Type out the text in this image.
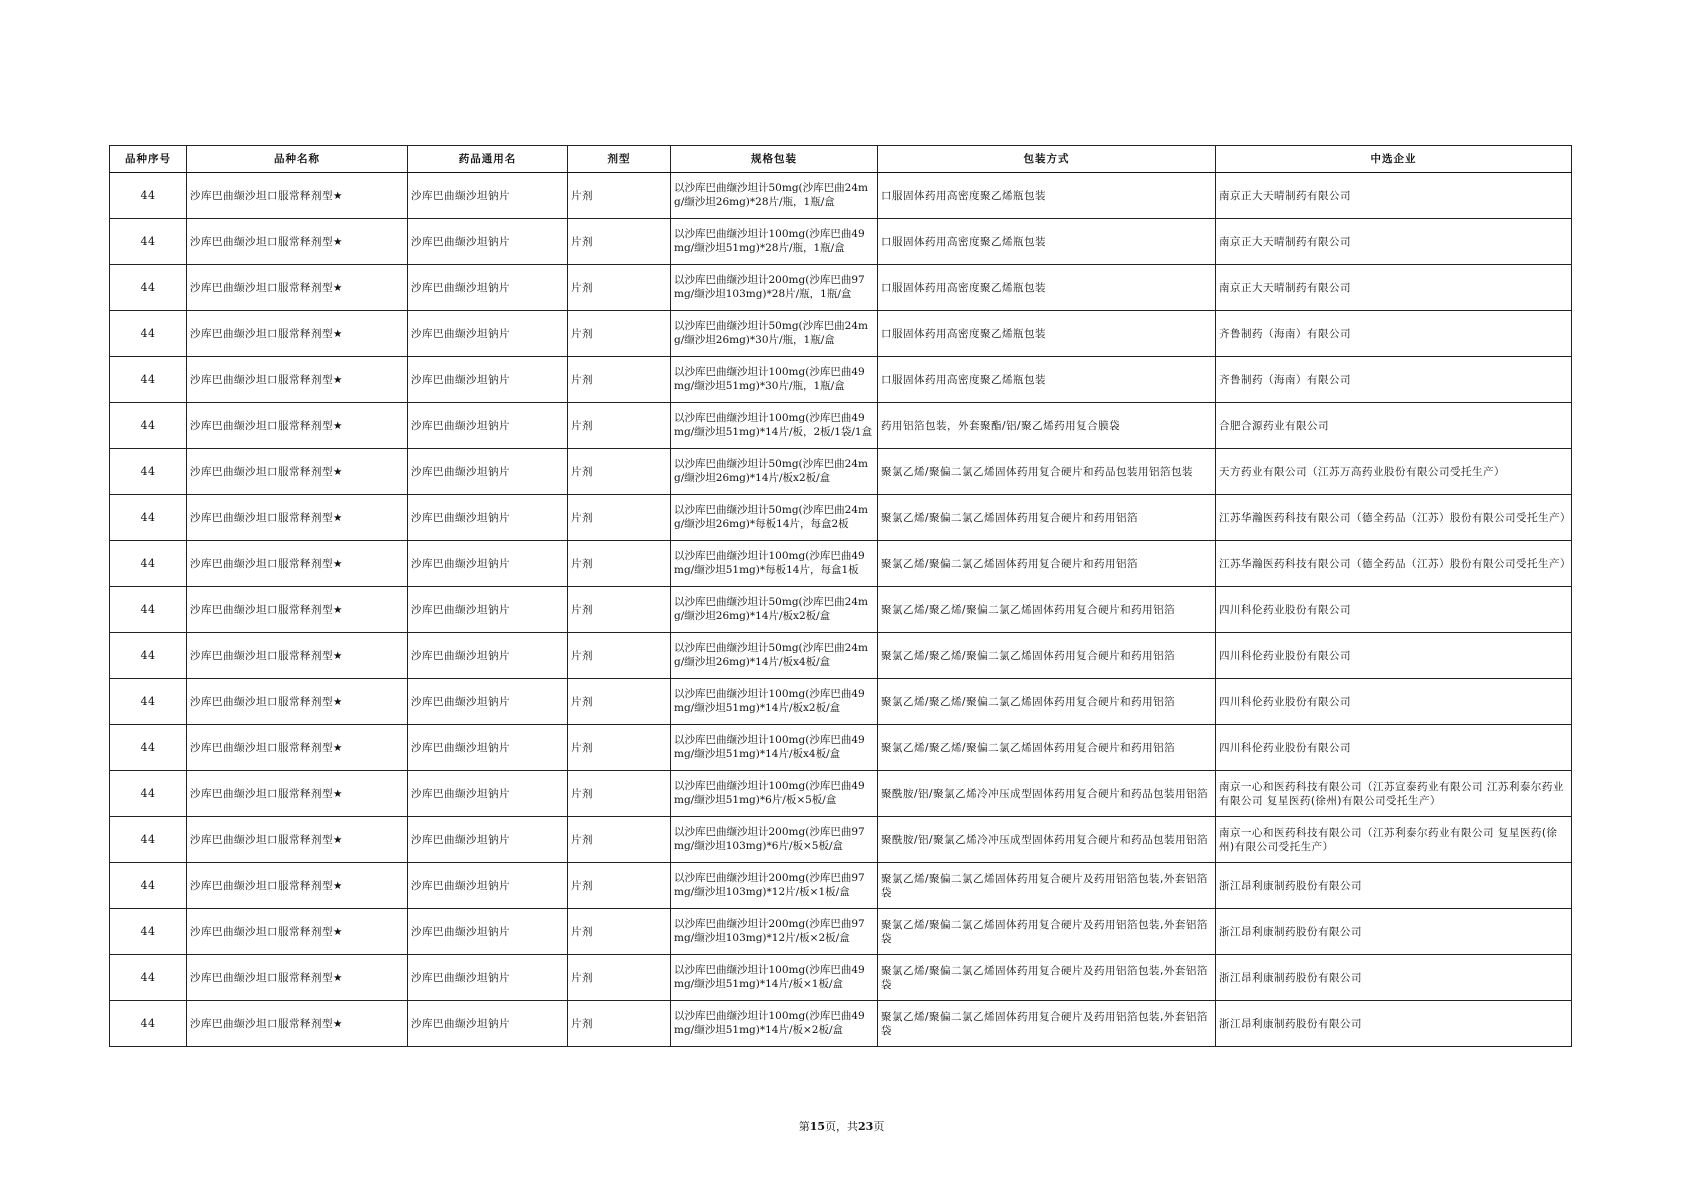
品种序号	品种名称	药品通用名	剂型	规格包装	包装方式	中选企业
44	沙库巴曲缬沙坦口服常释剂型★	沙库巴曲缬沙坦钠片	片剂	以沙库巴曲缬沙坦计50mg(沙库巴曲24mg/缬沙坦26mg)*28片/瓶，1瓶/盒	口服固体药用高密度聚乙烯瓶包装	南京正大天晴制药有限公司
44	沙库巴曲缬沙坦口服常释剂型★	沙库巴曲缬沙坦钠片	片剂	以沙库巴曲缬沙坦计100mg(沙库巴曲49mg/缬沙坦51mg)*28片/瓶，1瓶/盒	口服固体药用高密度聚乙烯瓶包装	南京正大天晴制药有限公司
44	沙库巴曲缬沙坦口服常释剂型★	沙库巴曲缬沙坦钠片	片剂	以沙库巴曲缬沙坦计200mg(沙库巴曲97mg/缬沙坦103mg)*28片/瓶，1瓶/盒	口服固体药用高密度聚乙烯瓶包装	南京正大天晴制药有限公司
44	沙库巴曲缬沙坦口服常释剂型★	沙库巴曲缬沙坦钠片	片剂	以沙库巴曲缬沙坦计50mg(沙库巴曲24mg/缬沙坦26mg)*30片/瓶，1瓶/盒	口服固体药用高密度聚乙烯瓶包装	齐鲁制药（海南）有限公司
44	沙库巴曲缬沙坦口服常释剂型★	沙库巴曲缬沙坦钠片	片剂	以沙库巴曲缬沙坦计100mg(沙库巴曲49mg/缬沙坦51mg)*30片/瓶，1瓶/盒	口服固体药用高密度聚乙烯瓶包装	齐鲁制药（海南）有限公司
44	沙库巴曲缬沙坦口服常释剂型★	沙库巴曲缬沙坦钠片	片剂	以沙库巴曲缬沙坦计100mg(沙库巴曲49mg/缬沙坦51mg)*14片/板，2板/1袋/1盒	药用铝箔包装，外套聚酯/铝/聚乙烯药用复合膜袋	合肥合源药业有限公司
44	沙库巴曲缬沙坦口服常释剂型★	沙库巴曲缬沙坦钠片	片剂	以沙库巴曲缬沙坦计50mg(沙库巴曲24mg/缬沙坦26mg)*14片/板x2板/盒	聚氯乙烯/聚偏二氯乙烯固体药用复合硬片和药品包装用铝箔包装	天方药业有限公司（江苏万高药业股份有限公司受托生产）
44	沙库巴曲缬沙坦口服常释剂型★	沙库巴曲缬沙坦钠片	片剂	以沙库巴曲缬沙坦计50mg(沙库巴曲24mg/缬沙坦26mg)*每板14片，每盒2板	聚氯乙烯/聚偏二氯乙烯固体药用复合硬片和药用铝箔	江苏华瀚医药科技有限公司（德全药品（江苏）股份有限公司受托生产）
44	沙库巴曲缬沙坦口服常释剂型★	沙库巴曲缬沙坦钠片	片剂	以沙库巴曲缬沙坦计100mg(沙库巴曲49mg/缬沙坦51mg)*每板14片，每盒1板	聚氯乙烯/聚偏二氯乙烯固体药用复合硬片和药用铝箔	江苏华瀚医药科技有限公司（德全药品（江苏）股份有限公司受托生产）
44	沙库巴曲缬沙坦口服常释剂型★	沙库巴曲缬沙坦钠片	片剂	以沙库巴曲缬沙坦计50mg(沙库巴曲24mg/缬沙坦26mg)*14片/板x2板/盒	聚氯乙烯/聚乙烯/聚偏二氯乙烯固体药用复合硬片和药用铝箔	四川科伦药业股份有限公司
44	沙库巴曲缬沙坦口服常释剂型★	沙库巴曲缬沙坦钠片	片剂	以沙库巴曲缬沙坦计50mg(沙库巴曲24mg/缬沙坦26mg)*14片/板x4板/盒	聚氯乙烯/聚乙烯/聚偏二氯乙烯固体药用复合硬片和药用铝箔	四川科伦药业股份有限公司
44	沙库巴曲缬沙坦口服常释剂型★	沙库巴曲缬沙坦钠片	片剂	以沙库巴曲缬沙坦计100mg(沙库巴曲49mg/缬沙坦51mg)*14片/板x2板/盒	聚氯乙烯/聚乙烯/聚偏二氯乙烯固体药用复合硬片和药用铝箔	四川科伦药业股份有限公司
44	沙库巴曲缬沙坦口服常释剂型★	沙库巴曲缬沙坦钠片	片剂	以沙库巴曲缬沙坦计100mg(沙库巴曲49mg/缬沙坦51mg)*14片/板x4板/盒	聚氯乙烯/聚乙烯/聚偏二氯乙烯固体药用复合硬片和药用铝箔	四川科伦药业股份有限公司
44	沙库巴曲缬沙坦口服常释剂型★	沙库巴曲缬沙坦钠片	片剂	以沙库巴曲缬沙坦计100mg(沙库巴曲49mg/缬沙坦51mg)*6片/板×5板/盒	聚酰胺/铝/聚氯乙烯冷冲压成型固体药用复合硬片和药品包装用铝箔	南京一心和医药科技有限公司（江苏宣泰药业有限公司 江苏利泰尔药业有限公司 复星医药(徐州)有限公司受托生产）
44	沙库巴曲缬沙坦口服常释剂型★	沙库巴曲缬沙坦钠片	片剂	以沙库巴曲缬沙坦计200mg(沙库巴曲97mg/缬沙坦103mg)*6片/板×5板/盒	聚酰胺/铝/聚氯乙烯冷冲压成型固体药用复合硬片和药品包装用铝箔	南京一心和医药科技有限公司（江苏利泰尔药业有限公司 复星医药(徐州)有限公司受托生产）
44	沙库巴曲缬沙坦口服常释剂型★	沙库巴曲缬沙坦钠片	片剂	以沙库巴曲缬沙坦计200mg(沙库巴曲97mg/缬沙坦103mg)*12片/板×1板/盒	聚氯乙烯/聚偏二氯乙烯固体药用复合硬片及药用铝箔包装,外套铝箔袋	浙江昂利康制药股份有限公司
44	沙库巴曲缬沙坦口服常释剂型★	沙库巴曲缬沙坦钠片	片剂	以沙库巴曲缬沙坦计200mg(沙库巴曲97mg/缬沙坦103mg)*12片/板×2板/盒	聚氯乙烯/聚偏二氯乙烯固体药用复合硬片及药用铝箔包装,外套铝箔袋	浙江昂利康制药股份有限公司
44	沙库巴曲缬沙坦口服常释剂型★	沙库巴曲缬沙坦钠片	片剂	以沙库巴曲缬沙坦计100mg(沙库巴曲49mg/缬沙坦51mg)*14片/板×1板/盒	聚氯乙烯/聚偏二氯乙烯固体药用复合硬片及药用铝箔包装,外套铝箔袋	浙江昂利康制药股份有限公司
44	沙库巴曲缬沙坦口服常释剂型★	沙库巴曲缬沙坦钠片	片剂	以沙库巴曲缬沙坦计100mg(沙库巴曲49mg/缬沙坦51mg)*14片/板×2板/盒	聚氯乙烯/聚偏二氯乙烯固体药用复合硬片及药用铝箔包装,外套铝箔袋	浙江昂利康制药股份有限公司
第15页，共23页
